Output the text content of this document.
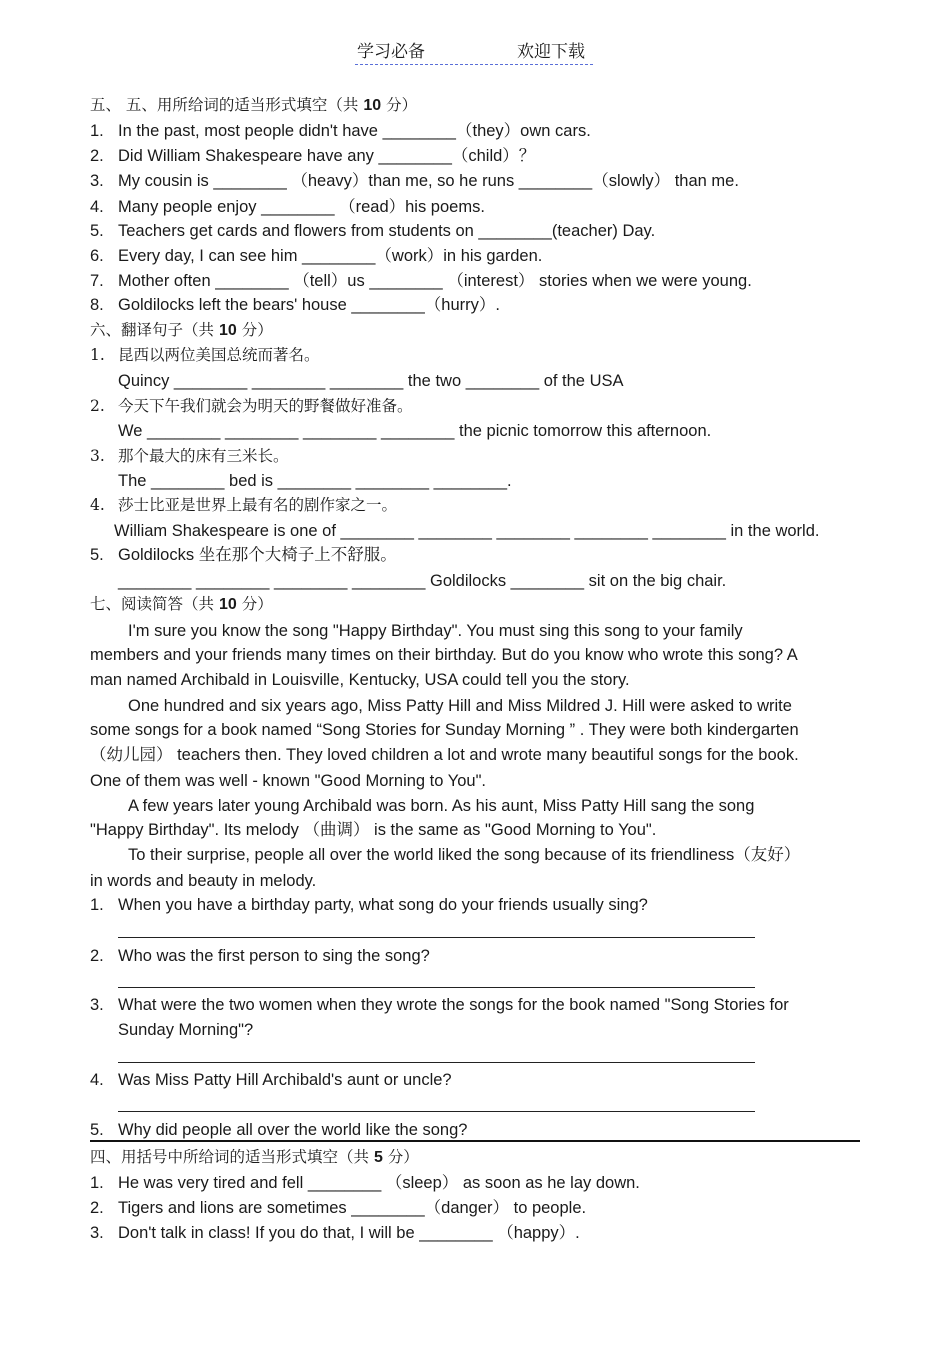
学习必备	欢迎下载
五、 五、用所给词的适当形式填空（共 10 分）
1. In the past, most people didn't have ________（they）own cars.
2. Did William Shakespeare have any ________（child）？
3. My cousin is ________ （heavy）than me, so he runs ________（slowly） than me.
4. Many people enjoy ________ （read）his poems.
5. Teachers get cards and flowers from students on ________(teacher) Day.
6. Every day, I can see him ________（work）in his garden.
7. Mother often ________ （tell）us ________ （interest） stories when we were young.
8. Goldilocks left the bears' house ________（hurry）.
六、翻译句子（共 10 分）
1. 昆西以两位美国总统而著名。
Quincy ________ ________ ________ the two ________ of the USA
2. 今天下午我们就会为明天的野餐做好准备。
We ________ ________ ________ ________ the picnic tomorrow this afternoon.
3. 那个最大的床有三米长。
The ________ bed is ________ ________ ________.
4. 莎士比亚是世界上最有名的剧作家之一。
William Shakespeare is one of ________ ________ ________ ________ ________ in the world.
5. Goldilocks 坐在那个大椅子上不舒服。
________ ________ ________ ________ Goldilocks ________ sit on the big chair.
七、阅读简答（共 10 分）
I'm sure you know the song "Happy Birthday". You must sing this song to your family
members and your friends many times on their birthday. But do you know who wrote this song? A
man named Archibald in Louisville, Kentucky, USA could tell you the story.
One hundred and six years ago, Miss Patty Hill and Miss Mildred J. Hill were asked to write
some songs for a book named “Song Stories for Sunday Morning ” . They were both kindergarten
（幼儿园） teachers then. They loved children a lot and wrote many beautiful songs for the book.
One of them was well - known "Good Morning to You".
A few years later young Archibald was born. As his aunt, Miss Patty Hill sang the song
"Happy Birthday". Its melody （曲调） is the same as "Good Morning to You".
To their surprise, people all over the world liked the song because of its friendliness（友好）
in words and beauty in melody.
1. When you have a birthday party, what song do your friends usually sing?
2. Who was the first person to sing the song?
3. What were the two women when they wrote the songs for the book named "Song Stories for
Sunday Morning"?
4. Was Miss Patty Hill Archibald's aunt or uncle?
5. Why did people all over the world like the song?
四、用括号中所给词的适当形式填空（共 5 分）
1. He was very tired and fell ________ （sleep） as soon as he lay down.
2. Tigers and lions are sometimes ________（danger） to people.
3. Don't talk in class! If you do that, I will be ________ （happy）.
